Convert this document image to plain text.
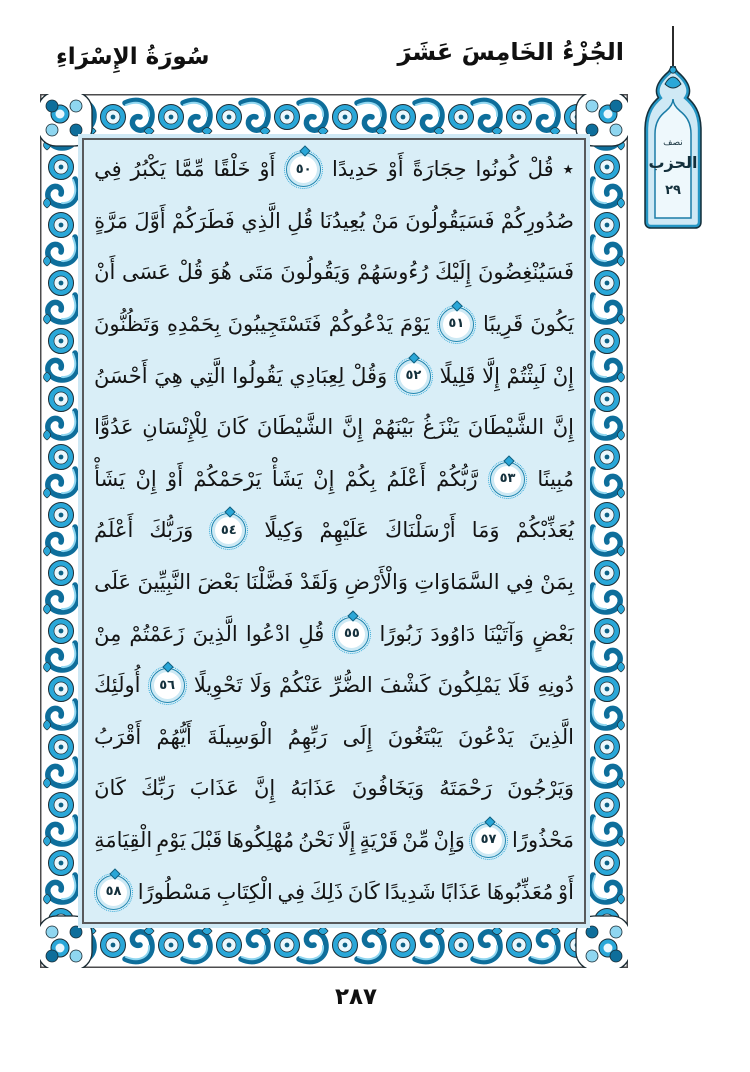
الجُزْءُ الخَامِسَ عَشَرَ
سُورَةُ الإِسْرَاءِ
نصف
الحزب
٢٩
٭
قُلْ
كُونُوا
حِجَارَةً
أَوْ
حَدِيدًا
٥٠
أَوْ
خَلْقًا
مِّمَّا
يَكْبُرُ
فِي
صُدُورِكُمْ
فَسَيَقُولُونَ
مَنْ
يُعِيدُنَا
قُلِ
الَّذِي
فَطَرَكُمْ
أَوَّلَ
مَرَّةٍ
فَسَيُنْغِضُونَ
إِلَيْكَ
رُءُوسَهُمْ
وَيَقُولُونَ
مَتَى
هُوَ
قُلْ
عَسَى
أَنْ
يَكُونَ
قَرِيبًا
٥١
يَوْمَ
يَدْعُوكُمْ
فَتَسْتَجِيبُونَ
بِحَمْدِهِ
وَتَظُنُّونَ
إِنْ
لَبِثْتُمْ
إِلَّا
قَلِيلًا
٥٢
وَقُلْ
لِعِبَادِي
يَقُولُوا
الَّتِي
هِيَ
أَحْسَنُ
إِنَّ
الشَّيْطَانَ
يَنْزَغُ
بَيْنَهُمْ
إِنَّ
الشَّيْطَانَ
كَانَ
لِلْإِنْسَانِ
عَدُوًّا
مُبِينًا
٥٣
رَّبُّكُمْ
أَعْلَمُ
بِكُمْ
إِنْ
يَشَأْ
يَرْحَمْكُمْ
أَوْ
إِنْ
يَشَأْ
يُعَذِّبْكُمْ
وَمَا
أَرْسَلْنَاكَ
عَلَيْهِمْ
وَكِيلًا
٥٤
وَرَبُّكَ
أَعْلَمُ
بِمَنْ
فِي
السَّمَاوَاتِ
وَالْأَرْضِ
وَلَقَدْ
فَضَّلْنَا
بَعْضَ
النَّبِيِّينَ
عَلَى
بَعْضٍ
وَآتَيْنَا
دَاوُودَ
زَبُورًا
٥٥
قُلِ
ادْعُوا
الَّذِينَ
زَعَمْتُمْ
مِنْ
دُونِهِ
فَلَا
يَمْلِكُونَ
كَشْفَ
الضُّرِّ
عَنْكُمْ
وَلَا
تَحْوِيلًا
٥٦
أُولَئِكَ
الَّذِينَ
يَدْعُونَ
يَبْتَغُونَ
إِلَى
رَبِّهِمُ
الْوَسِيلَةَ
أَيُّهُمْ
أَقْرَبُ
وَيَرْجُونَ
رَحْمَتَهُ
وَيَخَافُونَ
عَذَابَهُ
إِنَّ
عَذَابَ
رَبِّكَ
كَانَ
مَحْذُورًا
٥٧
وَإِنْ
مِّنْ
قَرْيَةٍ
إِلَّا
نَحْنُ
مُهْلِكُوهَا
قَبْلَ
يَوْمِ
الْقِيَامَةِ
أَوْ
مُعَذِّبُوهَا
عَذَابًا
شَدِيدًا
كَانَ
ذَلِكَ
فِي
الْكِتَابِ
مَسْطُورًا
٥٨
٢٨٧
